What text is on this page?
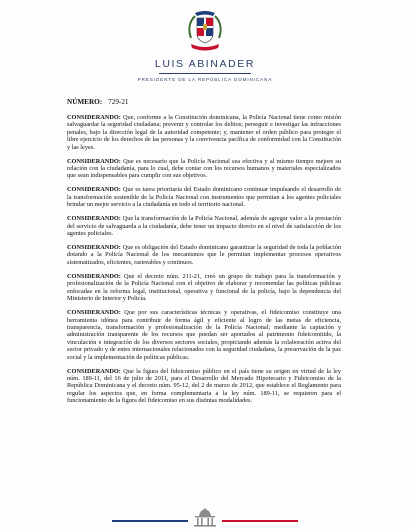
LUIS ABINADER
PRESIDENTE DE LA REPÚBLICA DOMINICANA
NÚMERO: 729-21

CONSIDERANDO: Que, conforme a la Constitución dominicana, la Policía Nacional tiene como misión salvaguardar la seguridad ciudadana; prevenir y controlar los delitos; perseguir e investigar las infracciones penales, bajo la dirección legal de la autoridad competente; y, mantener el orden público para proteger el libre ejercicio de los derechos de las personas y la convivencia pacífica de conformidad con la Constitución y las leyes.

CONSIDERANDO: Que es necesario que la Policía Nacional sea efectiva y al mismo tiempo mejore su relación con la ciudadanía, para lo cual, debe contar con los recursos humanos y materiales especializados que sean indispensables para cumplir con sus objetivos.

CONSIDERANDO: Que es tarea prioritaria del Estado dominicano continuar impulsando el desarrollo de la transformación sostenible de la Policía Nacional con instrumentos que permitan a los agentes policiales brindar un mejor servicio a la ciudadanía en todo el territorio nacional.

CONSIDERANDO: Que la transformación de la Policía Nacional, además de agregar valor a la prestación del servicio de salvaguarda a la ciudadanía, debe tener un impacto directo en el nivel de satisfacción de los agentes policiales.

CONSIDERANDO: Que es obligación del Estado dominicano garantizar la seguridad de toda la población dotando a la Policía Nacional de los mecanismos que le permitan implementar procesos operativos sistematizados, eficientes, rastreables y continuos.

CONSIDERANDO: Que el decreto núm. 211-21, creó un grupo de trabajo para la transformación y profesionalización de la Policía Nacional con el objetivo de elaborar y recomendar las políticas públicas enfocadas en la reforma legal, institucional, operativa y funcional de la policía, bajo la dependencia del Ministerio de Interior y Policía.

CONSIDERANDO: Que por sus características técnicas y operativas, el fideicomiso constituye una herramienta idónea para contribuir de forma ágil y eficiente al logro de las metas de eficiencia, transparencia, transformación y profesionalización de la Policía Nacional; mediante la captación y administración transparente de los recursos que puedan ser aportados al patrimonio fideicomitido, la vinculación e integración de los diversos sectores sociales, propiciando además la colaboración activa del sector privado y de entes internacionales relacionados con la seguridad ciudadana, la preservación de la paz social y la implementación de políticas públicas.

CONSIDERANDO: Que la figura del fideicomiso público en el país tiene su origen en virtud de la ley núm. 189-11, del 16 de julio de 2011, para el Desarrollo del Mercado Hipotecario y Fideicomiso de la República Dominicana y el decreto núm. 95-12, del 2 de marzo de 2012, que establece el Reglamento para regular los aspectos que, en forma complementaria a la ley núm. 189-11, se requieren para el funcionamiento de la figura del fideicomiso en sus distintas modalidades.
